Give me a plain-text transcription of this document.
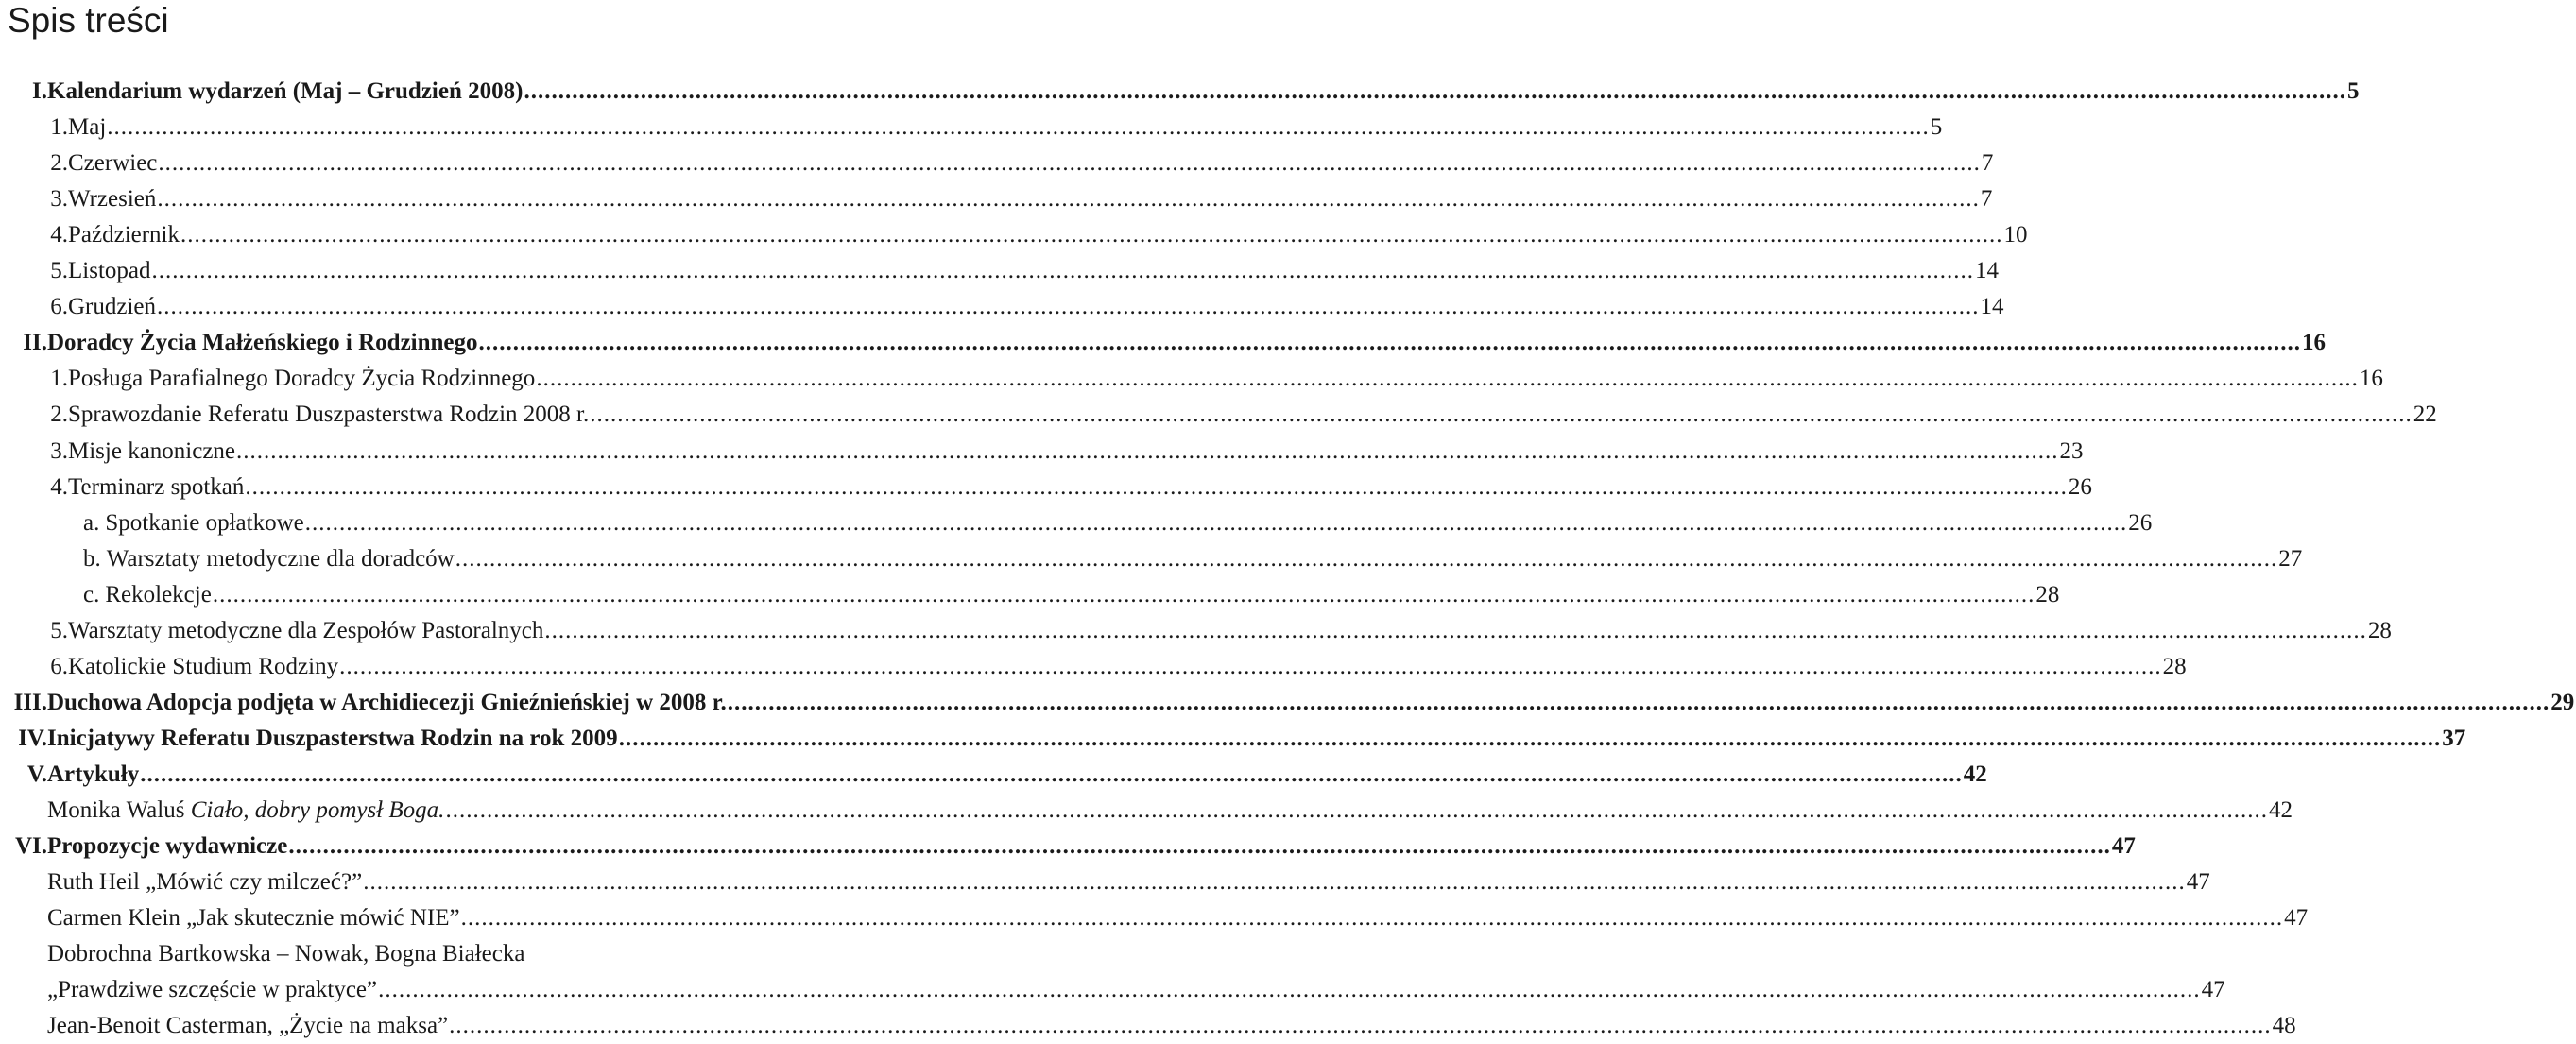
Spis treści
I. Kalendarium wydarzeń (Maj – Grudzień 2008) .....	5
1. Maj .....	5
2. Czerwiec .....	7
3. Wrzesień .....	7
4. Październik .....	10
5. Listopad .....	14
6. Grudzień .....	14
II. Doradcy Życia Małżeńskiego i Rodzinnego .....	16
1. Posługa Parafialnego Doradcy Życia Rodzinnego .....	16
2. Sprawozdanie Referatu Duszpasterstwa Rodzin 2008 r. .....	22
3. Misje kanoniczne .....	23
4. Terminarz spotkań .....	26
a. Spotkanie opłatkowe .....	26
b. Warsztaty metodyczne dla doradców .....	27
c. Rekolekcje .....	28
5. Warsztaty metodyczne dla Zespołów Pastoralnych .....	28
6. Katolickie Studium Rodziny .....	28
III. Duchowa Adopcja podjęta w Archidiecezji Gnieźnieńskiej w 2008 r. .....	29
IV. Inicjatywy Referatu Duszpasterstwa Rodzin na rok 2009 .....	37
V. Artykuły .....	42
Monika Waluś Ciało, dobry pomysł Boga. .....	42
VI. Propozycje wydawnicze .....	47
Ruth Heil „Mówić czy milczeć?” .....	47
Carmen Klein „Jak skutecznie mówić NIE” .....	47
Dobrochna Bartkowska – Nowak, Bogna Białecka
„Prawdziwe szczęście w praktyce” .....	47
Jean-Benoit Casterman, „Życie na maksa” .....	48
